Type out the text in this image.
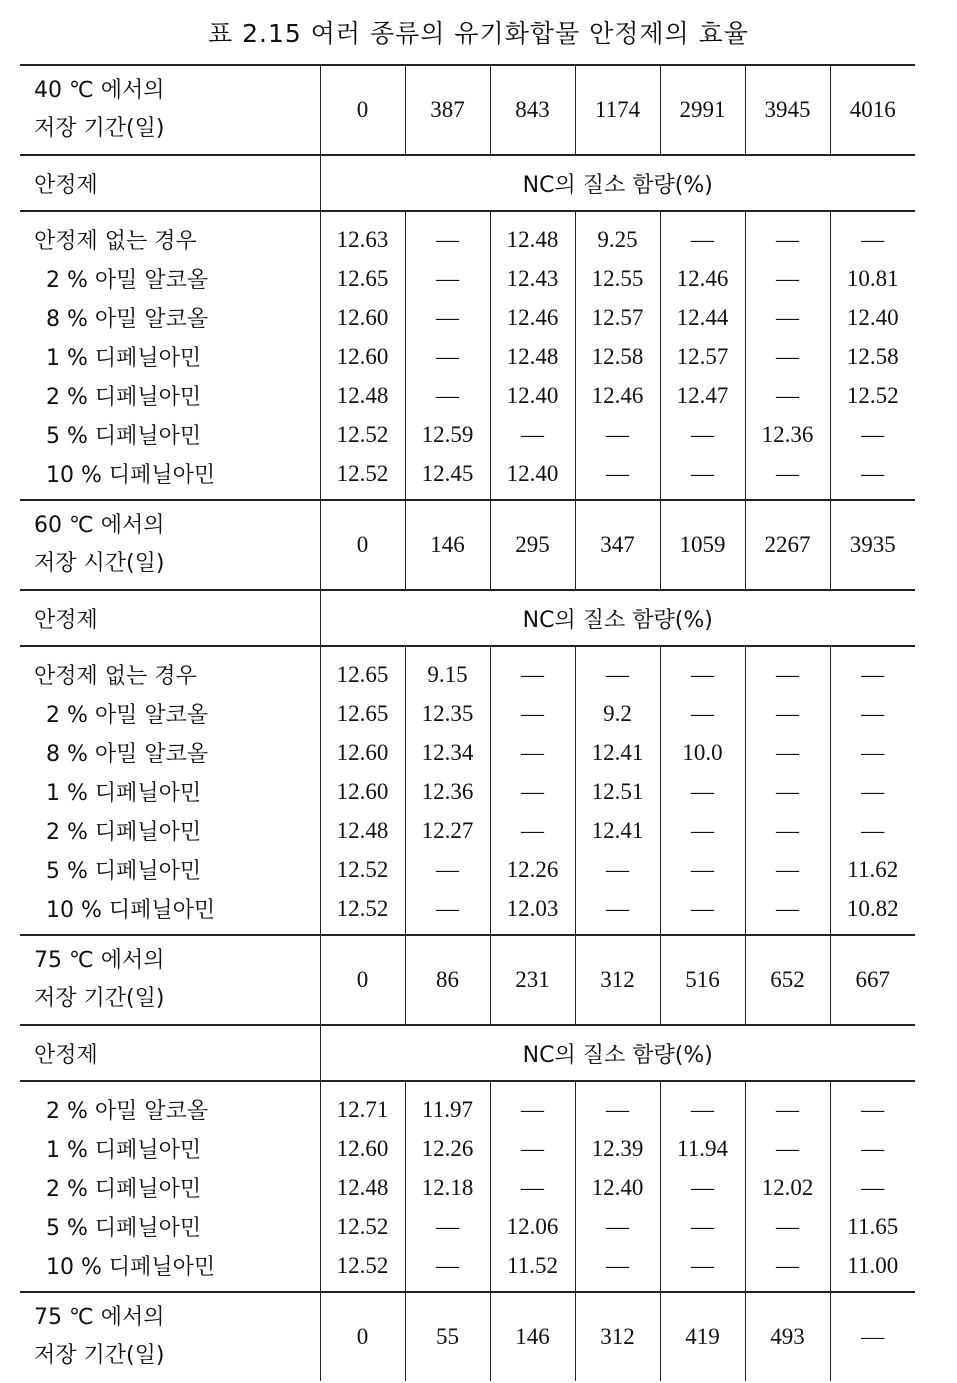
표 2.15 여러 종류의 유기화합물 안정제의 효율
40 ℃ 에서의
저장 기간(일)	0	387	843	1174	2991	3945	4016
안정제	NC의 질소 함량(%)						
안정제 없는 경우	12.63	—	12.48	9.25	—	—	—
2 % 아밀 알코올	12.65	—	12.43	12.55	12.46	—	10.81
8 % 아밀 알코올	12.60	—	12.46	12.57	12.44	—	12.40
1 % 디페닐아민	12.60	—	12.48	12.58	12.57	—	12.58
2 % 디페닐아민	12.48	—	12.40	12.46	12.47	—	12.52
5 % 디페닐아민	12.52	12.59	—	—	—	12.36	—
10 % 디페닐아민	12.52	12.45	12.40	—	—	—	—

60 ℃ 에서의
저장 시간(일)	0	146	295	347	1059	2267	3935
안정제	NC의 질소 함량(%)						
안정제 없는 경우	12.65	9.15	—	—	—	—	—
2 % 아밀 알코올	12.65	12.35	—	9.2	—	—	—
8 % 아밀 알코올	12.60	12.34	—	12.41	10.0	—	—
1 % 디페닐아민	12.60	12.36	—	12.51	—	—	—
2 % 디페닐아민	12.48	12.27	—	12.41	—	—	—
5 % 디페닐아민	12.52	—	12.26	—	—	—	11.62
10 % 디페닐아민	12.52	—	12.03	—	—	—	10.82

75 ℃ 에서의
저장 기간(일)	0	86	231	312	516	652	667
안정제	NC의 질소 함량(%)						
2 % 아밀 알코올	12.71	11.97	—	—	—	—	—
1 % 디페닐아민	12.60	12.26	—	12.39	11.94	—	—
2 % 디페닐아민	12.48	12.18	—	12.40	—	12.02	—
5 % 디페닐아민	12.52	—	12.06	—	—	—	11.65
10 % 디페닐아민	12.52	—	11.52	—	—	—	11.00

75 ℃ 에서의
저장 기간(일)	0	55	146	312	419	493	—
